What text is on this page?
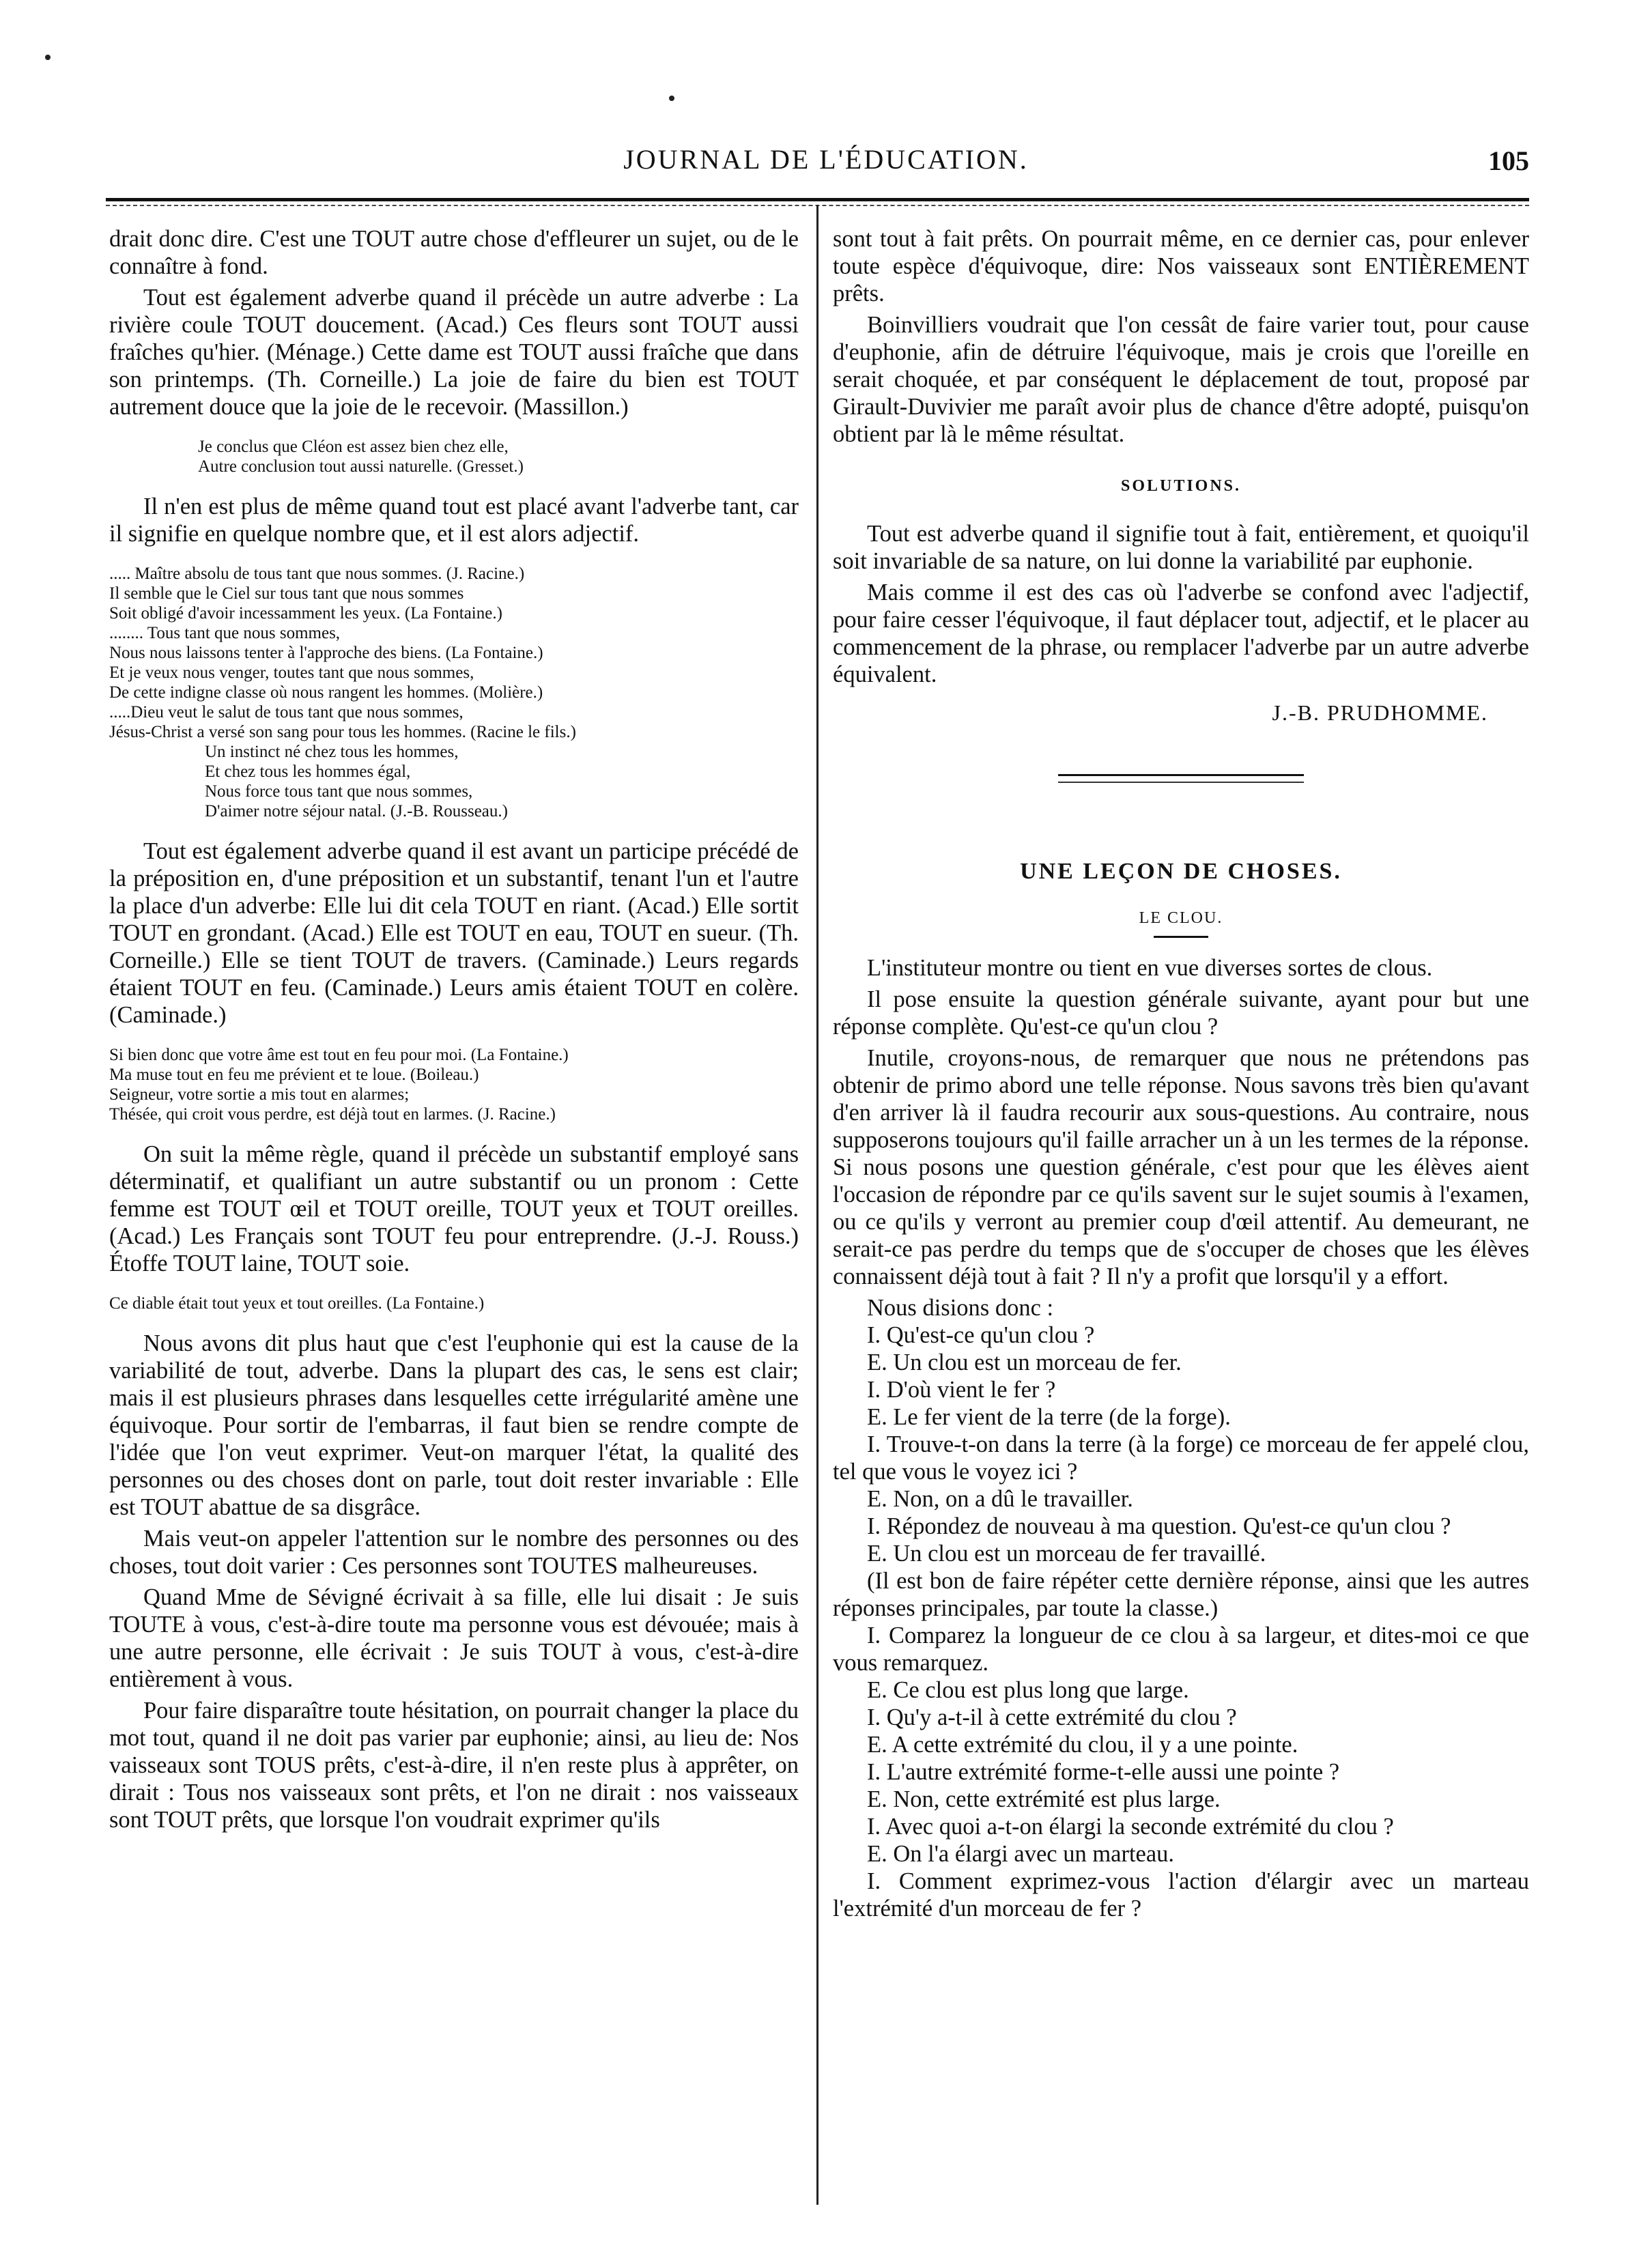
JOURNAL DE L'ÉDUCATION.	105

drait donc dire. C'est une TOUT autre chose d'effleurer un sujet, ou de le connaître à fond.

Tout est également adverbe quand il précède un autre adverbe : La rivière coule TOUT doucement. (Acad.) Ces fleurs sont TOUT aussi fraîches qu'hier. (Ménage.) Cette dame est TOUT aussi fraîche que dans son printemps. (Th. Corneille.) La joie de faire du bien est TOUT autrement douce que la joie de le recevoir. (Massillon.)

Je conclus que Cléon est assez bien chez elle,
Autre conclusion tout aussi naturelle. (Gresset.)

Il n'en est plus de même quand tout est placé avant l'adverbe tant, car il signifie en quelque nombre que, et il est alors adjectif.

..... Maître absolu de tous tant que nous sommes. (J. Racine.)
Il semble que le Ciel sur tous tant que nous sommes
Soit obligé d'avoir incessamment les yeux. (La Fontaine.)
........ Tous tant que nous sommes,
Nous nous laissons tenter à l'approche des biens. (La Fontaine.)
Et je veux nous venger, toutes tant que nous sommes,
De cette indigne classe où nous rangent les hommes. (Molière.)
.....Dieu veut le salut de tous tant que nous sommes,
Jésus-Christ a versé son sang pour tous les hommes. (Racine le fils.)
Un instinct né chez tous les hommes,
Et chez tous les hommes égal,
Nous force tous tant que nous sommes,
D'aimer notre séjour natal. (J.-B. Rousseau.)

Tout est également adverbe quand il est avant un participe précédé de la préposition en, d'une préposition et un substantif, tenant l'un et l'autre la place d'un adverbe: Elle lui dit cela TOUT en riant. (Acad.) Elle sortit TOUT en grondant. (Acad.) Elle est TOUT en eau, TOUT en sueur. (Th. Corneille.) Elle se tient TOUT de travers. (Caminade.) Leurs regards étaient TOUT en feu. (Caminade.) Leurs amis étaient TOUT en colère. (Caminade.)

Si bien donc que votre âme est tout en feu pour moi. (La Fontaine.)
Ma muse tout en feu me prévient et te loue. (Boileau.)
Seigneur, votre sortie a mis tout en alarmes;
Thésée, qui croit vous perdre, est déjà tout en larmes. (J. Racine.)

On suit la même règle, quand il précède un substantif employé sans déterminatif, et qualifiant un autre substantif ou un pronom : Cette femme est TOUT œil et TOUT oreille, TOUT yeux et TOUT oreilles. (Acad.) Les Français sont TOUT feu pour entreprendre. (J.-J. Rouss.) Étoffe TOUT laine, TOUT soie.

Ce diable était tout yeux et tout oreilles. (La Fontaine.)

Nous avons dit plus haut que c'est l'euphonie qui est la cause de la variabilité de tout, adverbe. Dans la plupart des cas, le sens est clair; mais il est plusieurs phrases dans lesquelles cette irrégularité amène une équivoque. Pour sortir de l'embarras, il faut bien se rendre compte de l'idée que l'on veut exprimer. Veut-on marquer l'état, la qualité des personnes ou des choses dont on parle, tout doit rester invariable : Elle est TOUT abattue de sa disgrâce.

Mais veut-on appeler l'attention sur le nombre des personnes ou des choses, tout doit varier : Ces personnes sont TOUTES malheureuses.

Quand Mme de Sévigné écrivait à sa fille, elle lui disait : Je suis TOUTE à vous, c'est-à-dire toute ma personne vous est dévouée; mais à une autre personne, elle écrivait : Je suis TOUT à vous, c'est-à-dire entièrement à vous.

Pour faire disparaître toute hésitation, on pourrait changer la place du mot tout, quand il ne doit pas varier par euphonie; ainsi, au lieu de: Nos vaisseaux sont TOUS prêts, c'est-à-dire, il n'en reste plus à apprêter, on dirait : Tous nos vaisseaux sont prêts, et l'on ne dirait : nos vaisseaux sont TOUT prêts, que lorsque l'on voudrait exprimer qu'ils

sont tout à fait prêts. On pourrait même, en ce dernier cas, pour enlever toute espèce d'équivoque, dire: Nos vaisseaux sont ENTIÈREMENT prêts.

Boinvilliers voudrait que l'on cessât de faire varier tout, pour cause d'euphonie, afin de détruire l'équivoque, mais je crois que l'oreille en serait choquée, et par conséquent le déplacement de tout, proposé par Girault-Duvivier me paraît avoir plus de chance d'être adopté, puisqu'on obtient par là le même résultat.

SOLUTIONS.

Tout est adverbe quand il signifie tout à fait, entièrement, et quoiqu'il soit invariable de sa nature, on lui donne la variabilité par euphonie.

Mais comme il est des cas où l'adverbe se confond avec l'adjectif, pour faire cesser l'équivoque, il faut déplacer tout, adjectif, et le placer au commencement de la phrase, ou remplacer l'adverbe par un autre adverbe équivalent.

J.-B. PRUDHOMME.
UNE LEÇON DE CHOSES.
LE CLOU.

L'instituteur montre ou tient en vue diverses sortes de clous.

Il pose ensuite la question générale suivante, ayant pour but une réponse complète. Qu'est-ce qu'un clou ?

Inutile, croyons-nous, de remarquer que nous ne prétendons pas obtenir de primo abord une telle réponse. Nous savons très bien qu'avant d'en arriver là il faudra recourir aux sous-questions. Au contraire, nous supposerons toujours qu'il faille arracher un à un les termes de la réponse. Si nous posons une question générale, c'est pour que les élèves aient l'occasion de répondre par ce qu'ils savent sur le sujet soumis à l'examen, ou ce qu'ils y verront au premier coup d'œil attentif. Au demeurant, ne serait-ce pas perdre du temps que de s'occuper de choses que les élèves connaissent déjà tout à fait ? Il n'y a profit que lorsqu'il y a effort.

Nous disions donc :

I. Qu'est-ce qu'un clou ?

E. Un clou est un morceau de fer.

I. D'où vient le fer ?

E. Le fer vient de la terre (de la forge).

I. Trouve-t-on dans la terre (à la forge) ce morceau de fer appelé clou, tel que vous le voyez ici ?

E. Non, on a dû le travailler.

I. Répondez de nouveau à ma question. Qu'est-ce qu'un clou ?

E. Un clou est un morceau de fer travaillé.

(Il est bon de faire répéter cette dernière réponse, ainsi que les autres réponses principales, par toute la classe.)

I. Comparez la longueur de ce clou à sa largeur, et dites-moi ce que vous remarquez.

E. Ce clou est plus long que large.

I. Qu'y a-t-il à cette extrémité du clou ?

E. A cette extrémité du clou, il y a une pointe.

I. L'autre extrémité forme-t-elle aussi une pointe ?

E. Non, cette extrémité est plus large.

I. Avec quoi a-t-on élargi la seconde extrémité du clou ?

E. On l'a élargi avec un marteau.

I. Comment exprimez-vous l'action d'élargir avec un marteau l'extrémité d'un morceau de fer ?
